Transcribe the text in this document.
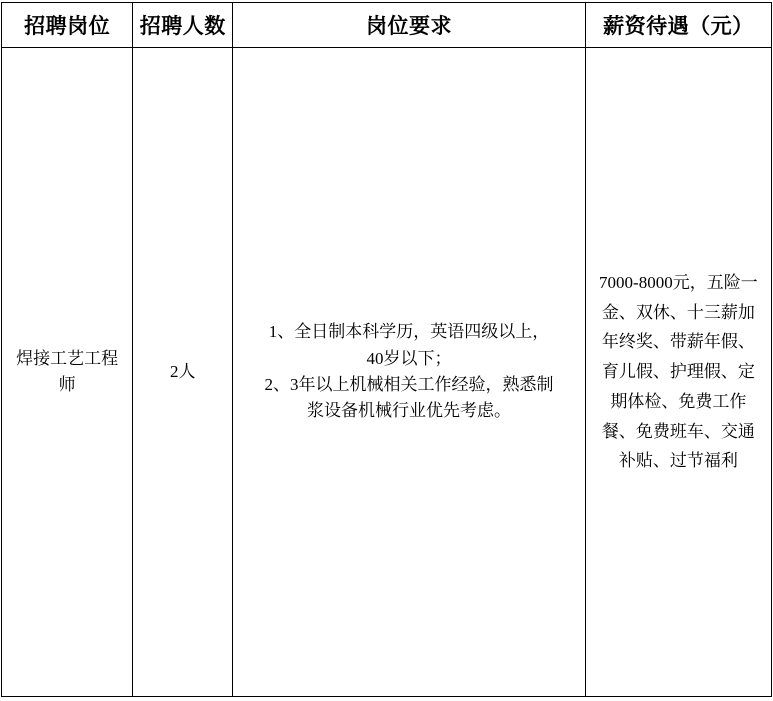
招聘岗位	招聘人数	岗位要求	薪资待遇（元）

焊接工艺工程师	2人	1、全日制本科学历，英语四级以上，
40岁以下；
2、3年以上机械相关工作经验，熟悉制
浆设备机械行业优先考虑。	7000-8000元，五险一金、双休、十三薪加年终奖、带薪年假、育儿假、护理假、定期体检、免费工作餐、免费班车、交通补贴、过节福利
